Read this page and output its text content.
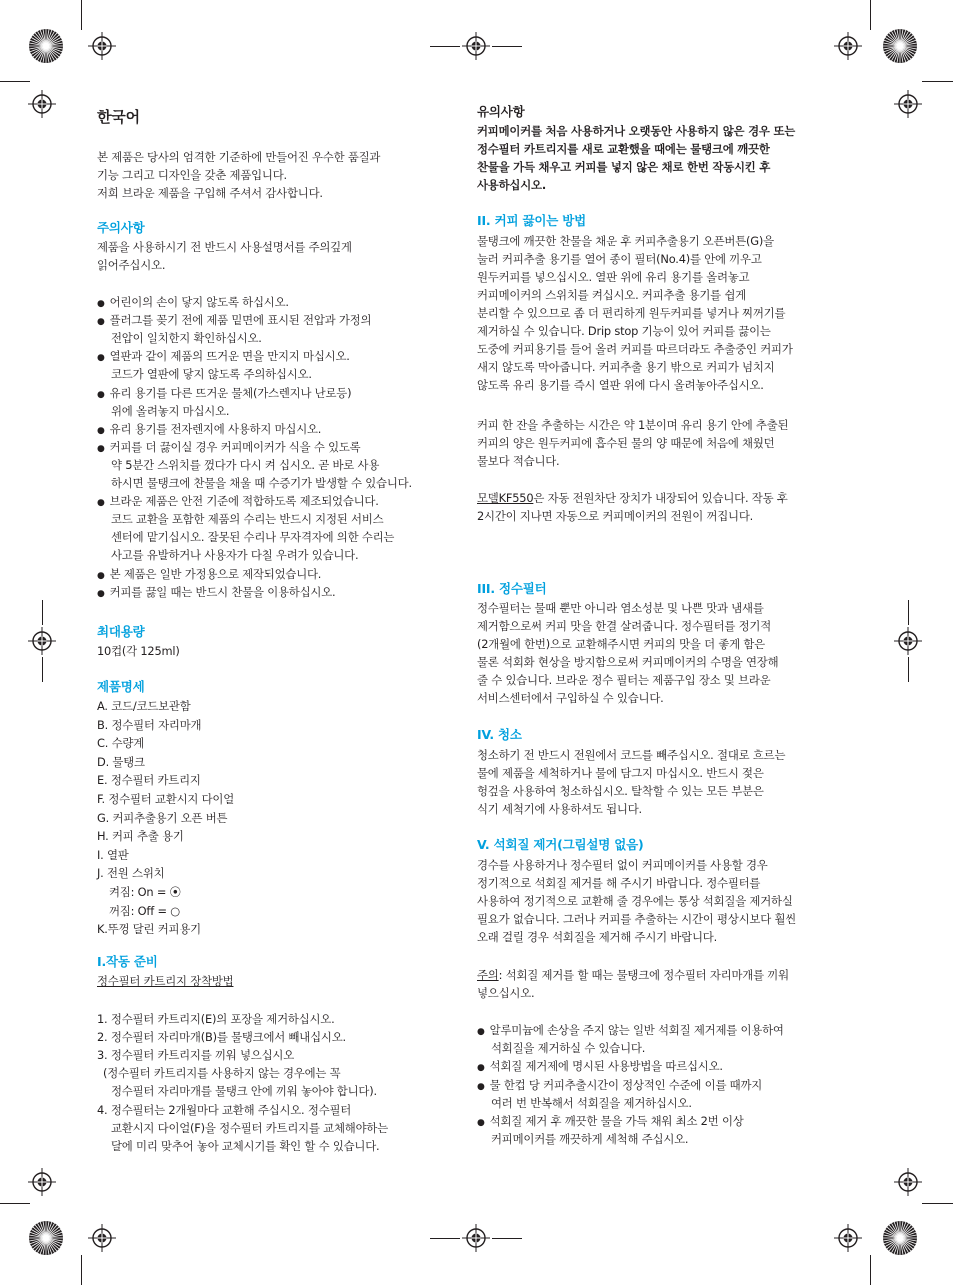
한국어
본 제품은 당사의 엄격한 기준하에 만들어진 우수한 품질과
기능 그리고 디자인을 갖춘 제품입니다.
저희 브라운 제품을 구입해 주셔서 감사합니다.
주의사항
제품을 사용하시기 전 반드시 사용설명서를 주의깊게
읽어주십시오.
● 어린이의 손이 닿지 않도록 하십시오.
● 플러그를 꽂기 전에 제품 밑면에 표시된 전압과 가정의
전압이 일치한지 확인하십시오.
● 열판과 같이 제품의 뜨거운 면을 만지지 마십시오.
코드가 열판에 닿지 않도록 주의하십시오.
● 유리 용기를 다른 뜨거운 물체(가스렌지나 난로등)
위에 올려놓지 마십시오.
● 유리 용기를 전자렌지에 사용하지 마십시오.
● 커피를 더 끓이실 경우 커피메이커가 식을 수 있도록
약 5분간 스위치를 껐다가 다시 켜 십시오. 곧 바로 사용
하시면 물탱크에 찬물을 채울 때 수증기가 발생할 수 있습니다.
● 브라운 제품은 안전 기준에 적합하도록 제조되었습니다.
코드 교환을 포함한 제품의 수리는 반드시 지정된 서비스
센터에 맡기십시오. 잘못된 수리나 무자격자에 의한 수리는
사고를 유발하거나 사용자가 다칠 우려가 있습니다.
● 본 제품은 일반 가정용으로 제작되었습니다.
● 커피를 끓일 때는 반드시 찬물을 이용하십시오.
최대용량
10컵(각 125ml)
제품명세
A. 코드/코드보관함
B. 정수필터 자리마개
C. 수량계
D. 물탱크
E. 정수필터 카트리지
F. 정수필터 교환시지 다이얼
G. 커피추출용기 오픈 버튼
H. 커피 추출 용기
I. 열판
J. 전원 스위치
켜짐: On = ⦿
꺼짐: Off = ○
K.뚜껑 달린 커피용기
I.작동 준비
정수필터 카트리지 장착방법
1. 정수필터 카트리지(E)의 포장을 제거하십시오.
2. 정수필터 자리마개(B)를 물탱크에서 빼내십시오.
3. 정수필터 카트리지를 끼워 넣으십시오
(정수필터 카트리지를 사용하지 않는 경우에는 꼭
정수필터 자리마개를 물탱크 안에 끼워 놓아야 합니다).
4. 정수필터는 2개월마다 교환해 주십시오. 정수필터
교환시지 다이얼(F)을 정수필터 카트리지를 교체해야하는
달에 미리 맞추어 놓아 교체시기를 확인 할 수 있습니다.
유의사항
커피메이커를 처음 사용하거나 오랫동안 사용하지 않은 경우 또는
정수필터 카트리지를 새로 교환했을 때에는 물탱크에 깨끗한
찬물을 가득 채우고 커피를 넣지 않은 채로 한번 작동시킨 후
사용하십시오.
II. 커피 끓이는 방법
물탱크에 깨끗한 찬물을 채운 후 커피추출용기 오픈버튼(G)을
눌러 커피추출 용기를 열어 종이 필터(No.4)를 안에 끼우고
원두커피를 넣으십시오. 열판 위에 유리 용기를 올려놓고
커피메이커의 스위치를 켜십시오. 커피추출 용기를 쉽게
분리할 수 있으므로 좀 더 편리하게 원두커피를 넣거나 찌꺼기를
제거하실 수 있습니다. Drip stop 기능이 있어 커피를 끓이는
도중에 커피용기를 들어 올려 커피를 따르더라도 추출중인 커피가
새지 않도록 막아줍니다. 커피추출 용기 밖으로 커피가 넘치지
않도록 유리 용기를 즉시 열판 위에 다시 올려놓아주십시오.
커피 한 잔을 추출하는 시간은 약 1분이며 유리 용기 안에 추출된
커피의 양은 원두커피에 흡수된 물의 양 때문에 처음에 채웠던
물보다 적습니다.
모델KF550은 자동 전원차단 장치가 내장되어 있습니다. 작동 후
2시간이 지나면 자동으로 커피메이커의 전원이 꺼집니다.
III. 정수필터
정수필터는 물때 뿐만 아니라 염소성분 및 나쁜 맛과 냄새를
제거함으로써 커피 맛을 한결 살려줍니다. 정수필터를 정기적
(2개월에 한번)으로 교환해주시면 커피의 맛을 더 좋게 함은
물론 석회화 현상을 방지함으로써 커피메이커의 수명을 연장해
줄 수 있습니다. 브라운 정수 필터는 제품구입 장소 및 브라운
서비스센터에서 구입하실 수 있습니다.
IV. 청소
청소하기 전 반드시 전원에서 코드를 빼주십시오. 절대로 흐르는
물에 제품을 세척하거나 물에 담그지 마십시오. 반드시 젖은
헝겊을 사용하여 청소하십시오. 탈착할 수 있는 모든 부분은
식기 세척기에 사용하셔도 됩니다.
V. 석회질 제거(그림설명 없음)
경수를 사용하거나 정수필터 없이 커피메이커를 사용할 경우
정기적으로 석회질 제거를 해 주시기 바랍니다. 정수필터를
사용하여 정기적으로 교환해 줄 경우에는 통상 석회질을 제거하실
필요가 없습니다. 그러나 커피를 추출하는 시간이 평상시보다 훨씬
오래 걸릴 경우 석회질을 제거해 주시기 바랍니다.
주의: 석회질 제거를 할 때는 물탱크에 정수필터 자리마개를 끼워
넣으십시오.
● 알루미늄에 손상을 주지 않는 일반 석회질 제거제를 이용하여
석회질을 제거하실 수 있습니다.
● 석회질 제거제에 명시된 사용방법을 따르십시오.
● 물 한컵 당 커피추출시간이 정상적인 수준에 이를 때까지
여러 번 반복해서 석회질을 제거하십시오.
● 석회질 제거 후 깨끗한 물을 가득 채워 최소 2번 이상
커피메이커를 깨끗하게 세척해 주십시오.
